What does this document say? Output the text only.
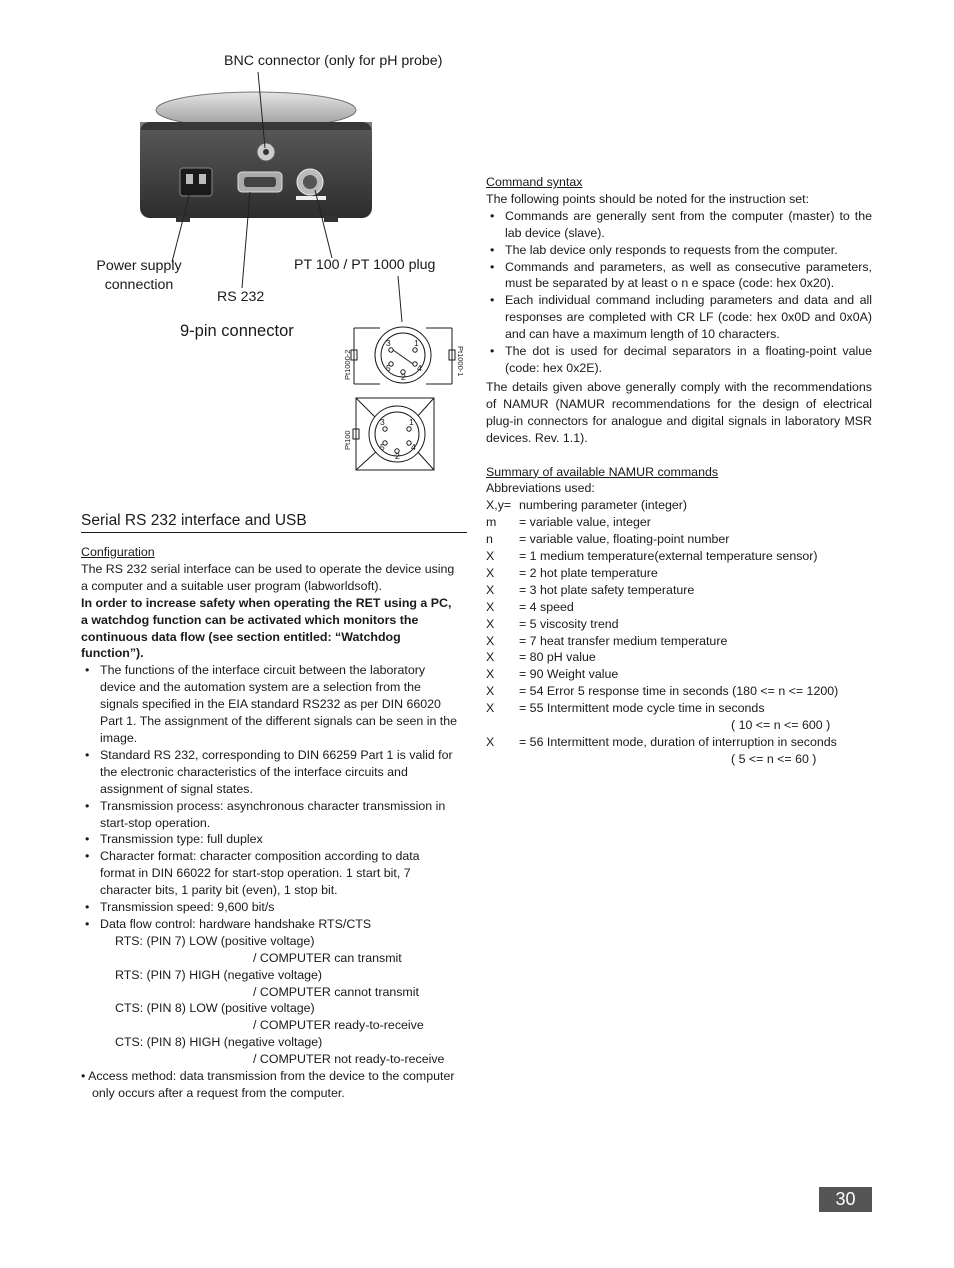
BNC connector (only for pH probe)
Power supply
connection
PT 100 / PT 1000 plug
RS 232
9-pin connector
3	1
5	4
2
3	1
5	4
2
Pt1000-2	Pt1000-1
Pt100
Serial RS 232 interface and USB
Configuration
The RS 232 serial interface can be used to operate the device using a computer and a suitable user program (labworldsoft).
In order to increase safety when operating the RET using a PC, a watchdog function can be activated which monitors the continuous data flow (see section entitled: “Watchdog function”).
• The functions of the interface circuit between the laboratory device and the automation system are a selection from the signals specified in the EIA standard RS232 as per DIN 66020 Part 1. The assignment of the different signals can be seen in the image.
• Standard RS 232, corresponding to DIN 66259 Part 1 is valid for the electronic characteristics of the interface circuits and assignment of signal states.
• Transmission process: asynchronous character transmission in start-stop operation.
• Transmission type: full duplex
• Character format: character composition according to data format in DIN 66022 for start-stop operation. 1 start bit, 7 character bits, 1 parity bit (even), 1 stop bit.
• Transmission speed: 9,600 bit/s
• Data flow control: hardware handshake RTS/CTS
RTS: (PIN 7) LOW (positive voltage)
/ COMPUTER can transmit
RTS: (PIN 7) HIGH (negative voltage)
/ COMPUTER cannot transmit
CTS: (PIN 8) LOW (positive voltage)
/ COMPUTER ready-to-receive
CTS: (PIN 8) HIGH (negative voltage)
/ COMPUTER not ready-to-receive
• Access method: data transmission from the device to the computer only occurs after a request from the computer.
Command syntax
The following points should be noted for the instruction set:
• Commands are generally sent from the computer (master) to the lab device (slave).
• The lab device only responds to requests from the computer.
• Commands and parameters, as well as consecutive parameters, must be separated by at least o n e space (code: hex 0x20).
• Each individual command including parameters and data and all responses are completed with CR LF (code: hex 0x0D and 0x0A) and can have a maximum length of 10 characters.
• The dot is used for decimal separators in a floating-point value (code: hex 0x2E).
The details given above generally comply with the recommendations of NAMUR (NAMUR recommendations for the design of electrical plug-in connectors for analogue and digital signals in laboratory MSR devices. Rev. 1.1).
Summary of available NAMUR commands
Abbreviations used:
X,y= numbering parameter (integer)
m	= variable value, integer
n	= variable value, floating-point number
X	= 1 medium temperature(external temperature sensor)
X	= 2 hot plate temperature
X	= 3 hot plate safety temperature
X	= 4 speed
X	= 5 viscosity trend
X	= 7 heat transfer medium temperature
X	= 80 pH value
X	= 90 Weight value
X	= 54 Error 5 response time in seconds (180 <= n <= 1200)
X	= 55 Intermittent mode cycle time in seconds
( 10 <= n <= 600 )
X	= 56 Intermittent mode, duration of interruption in seconds
( 5 <= n <= 60 )
30
